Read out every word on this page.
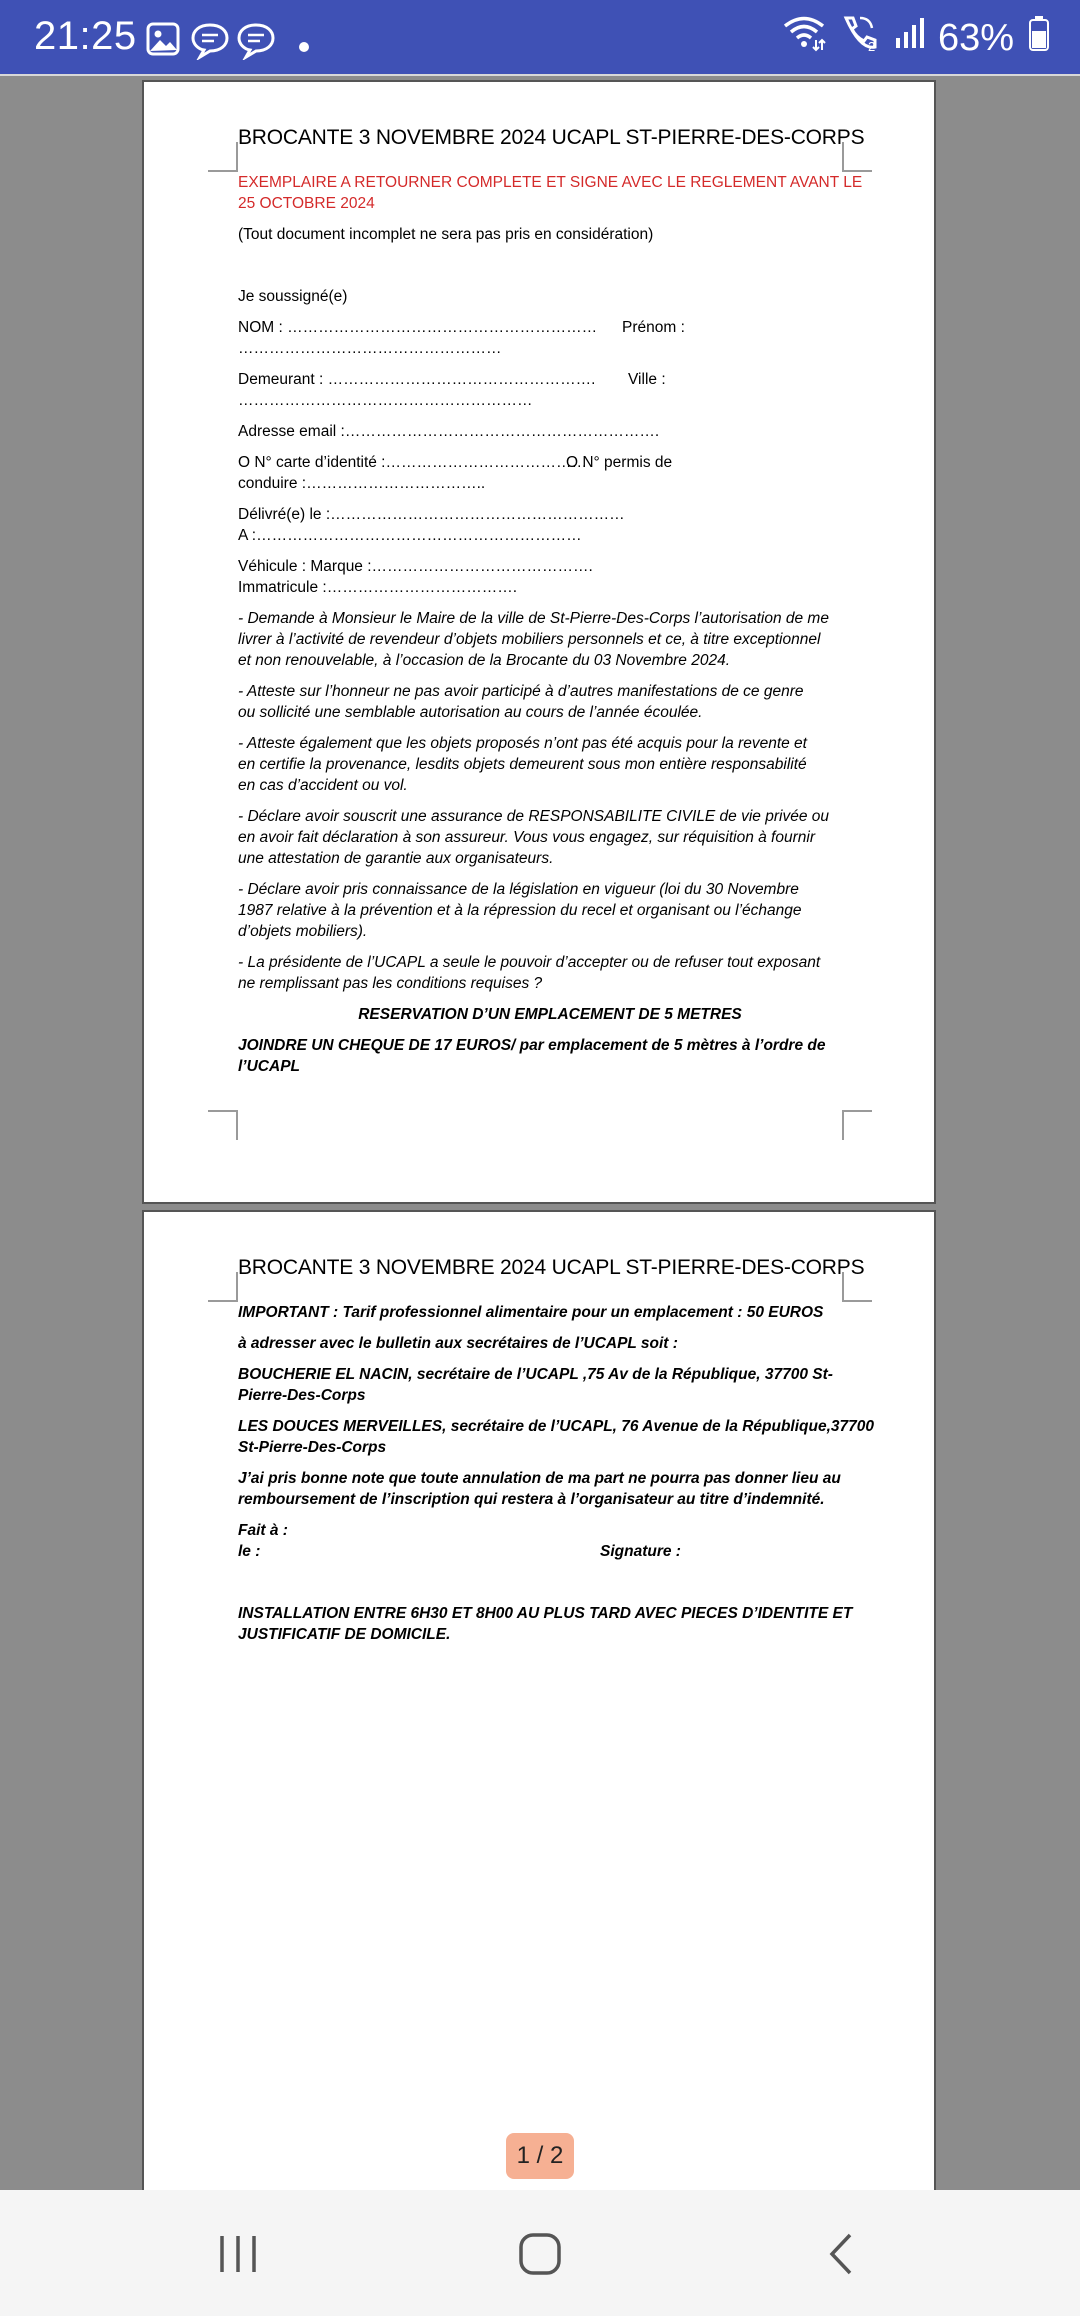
21:25	2 63%
BROCANTE 3 NOVEMBRE 2024 UCAPL ST-PIERRE-DES-CORPS
EXEMPLAIRE A RETOURNER COMPLETE ET SIGNE AVEC LE REGLEMENT AVANT LE
25 OCTOBRE 2024
(Tout document incomplet ne sera pas pris en considération)
Je soussigné(e)
NOM : ……………………………………………………	Prénom :
……………………………………………
Demeurant : …………………………………………….	Ville :
…………………………………………………
Adresse email :…………………………………………………….
O N° carte d’identité :…………………………………
O N° permis de
conduire :……………………………..
Délivré(e) le :…………………………………………………
A :………………………………………………………
Véhicule : Marque :…………………………………….
Immatricule :……………………………….
- Demande à Monsieur le Maire de la ville de St-Pierre-Des-Corps l’autorisation de me
livrer à l’activité de revendeur d’objets mobiliers personnels et ce, à titre exceptionnel
et non renouvelable, à l’occasion de la Brocante du 03 Novembre 2024.
- Atteste sur l’honneur ne pas avoir participé à d’autres manifestations de ce genre
ou sollicité une semblable autorisation au cours de l’année écoulée.
- Atteste également que les objets proposés n’ont pas été acquis pour la revente et
en certifie la provenance, lesdits objets demeurent sous mon entière responsabilité
en cas d’accident ou vol.
- Déclare avoir souscrit une assurance de RESPONSABILITE CIVILE de vie privée ou
en avoir fait déclaration à son assureur. Vous vous engagez, sur réquisition à fournir
une attestation de garantie aux organisateurs.
- Déclare avoir pris connaissance de la législation en vigueur (loi du 30 Novembre
1987 relative à la prévention et à la répression du recel et organisant ou l’échange
d’objets mobiliers).
- La présidente de l’UCAPL a seule le pouvoir d’accepter ou de refuser tout exposant
ne remplissant pas les conditions requises ?
RESERVATION D’UN EMPLACEMENT DE 5 METRES
JOINDRE UN CHEQUE DE 17 EUROS/ par emplacement de 5 mètres à l’ordre de
l’UCAPL
BROCANTE 3 NOVEMBRE 2024 UCAPL ST-PIERRE-DES-CORPS
IMPORTANT : Tarif professionnel alimentaire pour un emplacement : 50 EUROS
à adresser avec le bulletin aux secrétaires de l’UCAPL soit :
BOUCHERIE EL NACIN, secrétaire de l’UCAPL ,75 Av de la République, 37700 St-
Pierre-Des-Corps
LES DOUCES MERVEILLES, secrétaire de l’UCAPL, 76 Avenue de la République,37700
St-Pierre-Des-Corps
J’ai pris bonne note que toute annulation de ma part ne pourra pas donner lieu au
remboursement de l’inscription qui restera à l’organisateur au titre d’indemnité.
Fait à :
le :	Signature :
INSTALLATION ENTRE 6H30 ET 8H00 AU PLUS TARD AVEC PIECES D’IDENTITE ET
JUSTIFICATIF DE DOMICILE.
1 / 2
